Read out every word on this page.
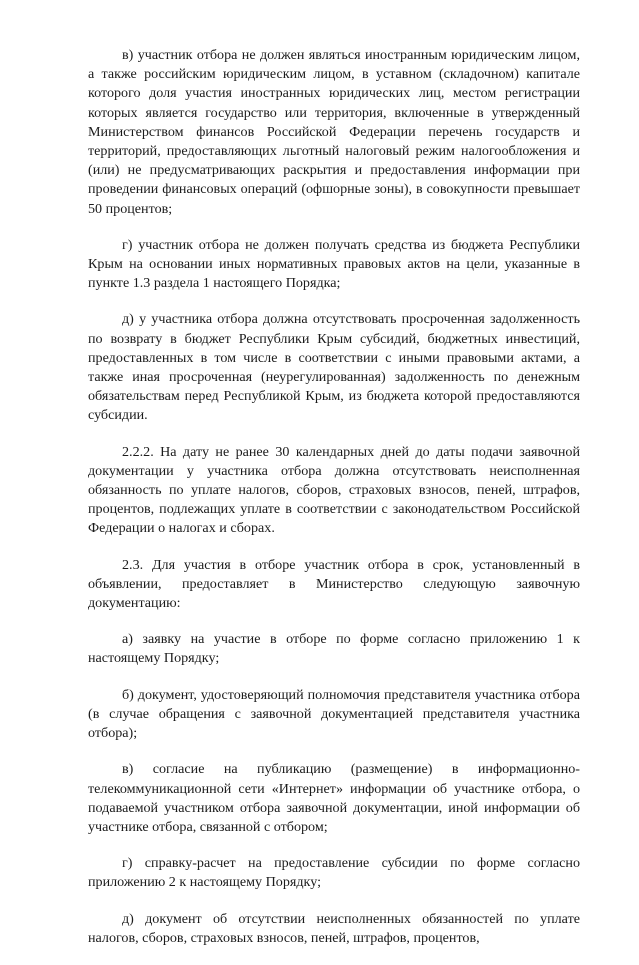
в) участник отбора не должен являться иностранным юридическим лицом, а также российским юридическим лицом, в уставном (складочном) капитале которого доля участия иностранных юридических лиц, местом регистрации которых является государство или территория, включенные в утвержденный Министерством финансов Российской Федерации перечень государств и территорий, предоставляющих льготный налоговый режим налогообложения и (или) не предусматривающих раскрытия и предоставления информации при проведении финансовых операций (офшорные зоны), в совокупности превышает 50 процентов;

г) участник отбора не должен получать средства из бюджета Республики Крым на основании иных нормативных правовых актов на цели, указанные в пункте 1.3 раздела 1 настоящего Порядка;

д) у участника отбора должна отсутствовать просроченная задолженность по возврату в бюджет Республики Крым субсидий, бюджетных инвестиций, предоставленных в том числе в соответствии с иными правовыми актами, а также иная просроченная (неурегулированная) задолженность по денежным обязательствам перед Республикой Крым, из бюджета которой предоставляются субсидии.

2.2.2. На дату не ранее 30 календарных дней до даты подачи заявочной документации у участника отбора должна отсутствовать неисполненная обязанность по уплате налогов, сборов, страховых взносов, пеней, штрафов, процентов, подлежащих уплате в соответствии с законодательством Российской Федерации о налогах и сборах.

2.3. Для участия в отборе участник отбора в срок, установленный в объявлении, предоставляет в Министерство следующую заявочную документацию:

а) заявку на участие в отборе по форме согласно приложению 1 к настоящему Порядку;

б) документ, удостоверяющий полномочия представителя участника отбора (в случае обращения с заявочной документацией представителя участника отбора);

в) согласие на публикацию (размещение) в информационно-телекоммуникационной сети «Интернет» информации об участнике отбора, о подаваемой участником отбора заявочной документации, иной информации об участнике отбора, связанной с отбором;

г) справку-расчет на предоставление субсидии по форме согласно приложению 2 к настоящему Порядку;

д) документ об отсутствии неисполненных обязанностей по уплате налогов, сборов, страховых взносов, пеней, штрафов, процентов,
